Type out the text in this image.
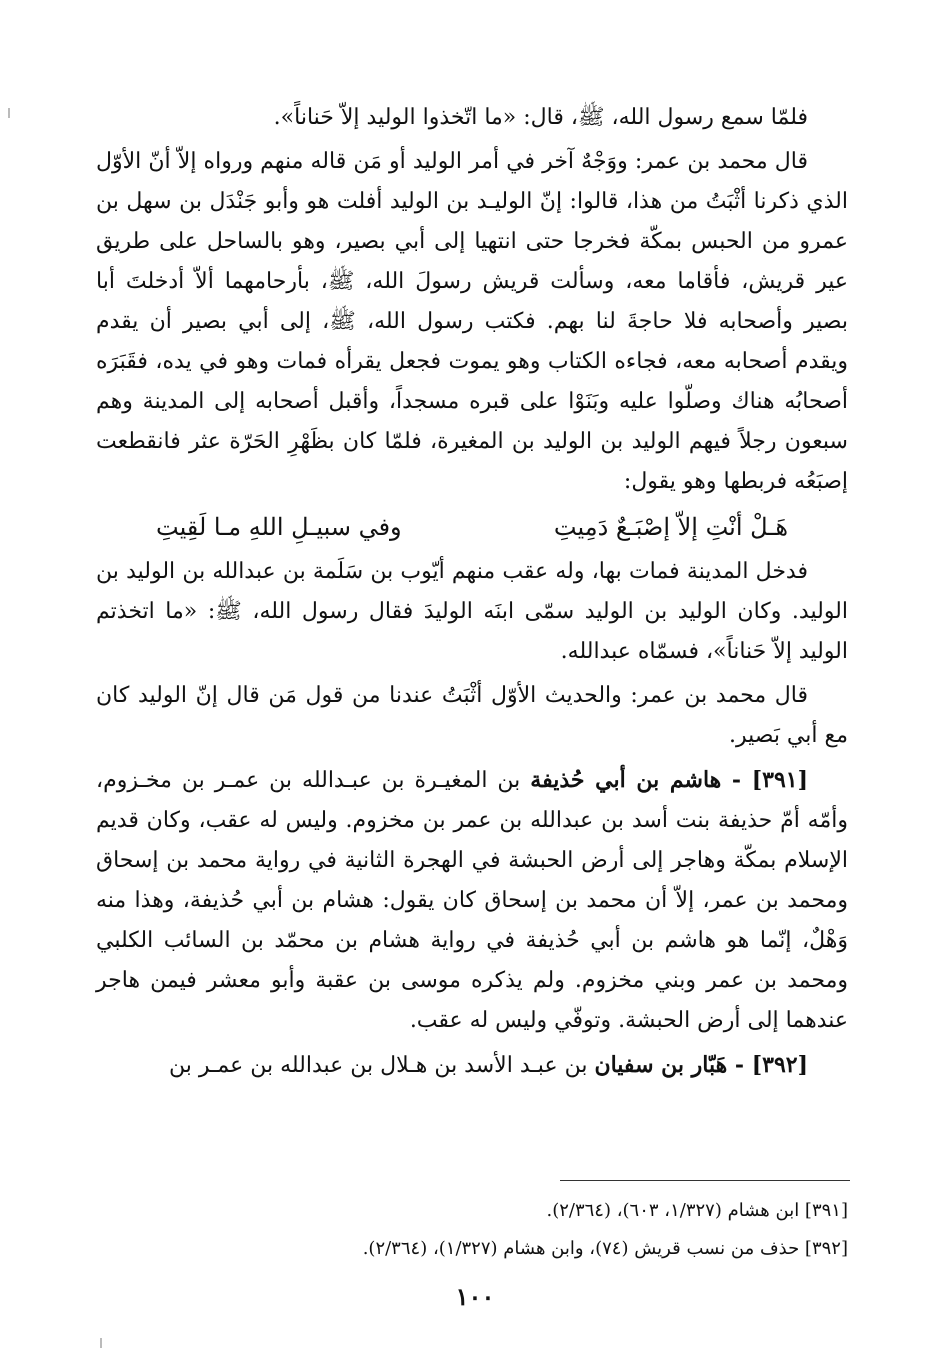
فلمّا سمع رسول الله، ﷺ، قال: «ما اتّخذوا الوليد إلاّ حَناناً».

قال محمد بن عمر: ووَجْهٌ آخر في أمر الوليد أو مَن قاله منهم ورواه إلاّ أنّ الأوّل الذي ذكرنا أثْبَتُ من هذا، قالوا: إنّ الوليـد بن الوليد أفلت هو وأبو جَنْدَل بن سهل بن عمرو من الحبس بمكّة فخرجا حتى انتهيا إلى أبي بصير، وهو بالساحل على طريق عير قريش، فأقاما معه، وسألت قريش رسولَ الله، ﷺ، بأرحامهما ألاّ أدخلتَ أبا بصير وأصحابه فلا حاجةَ لنا بهم. فكتب رسول الله، ﷺ، إلى أبي بصير أن يقدم ويقدم أصحابه معه، فجاءه الكتاب وهو يموت فجعل يقرأه فمات وهو في يده، فقَبَرَه أصحابُه هناك وصلّوا عليه وبَنَوْا على قبره مسجداً، وأقبل أصحابه إلى المدينة وهم سبعون رجلاً فيهم الوليد بن الوليد بن المغيرة، فلمّا كان بظَهْرِ الحَرّة عثر فانقطعت إصبَعُه فربطها وهو يقول:

هَـلْ أنْتِ إلاّ إصْبَـعٌ دَمِيتِ
وفي سبيـلِ اللهِ مـا لَقِيتِ

فدخل المدينة فمات بها، وله عقب منهم أيّوب بن سَلَمة بن عبدالله بن الوليد بن الوليد. وكان الوليد بن الوليد سمّى ابنَه الوليدَ فقال رسول الله، ﷺ: «ما اتخذتم الوليد إلاّ حَناناً»، فسمّاه عبدالله.

قال محمد بن عمر: والحديث الأوّل أثْبَتُ عندنا من قول مَن قال إنّ الوليد كان مع أبي بَصير.

[٣٩١] - هاشم بن أبي حُذيفة بن المغيـرة بن عبـدالله بن عمـر بن مخـزوم، وأمّه أمّ حذيفة بنت أسد بن عبدالله بن عمر بن مخزوم. وليس له عقب، وكان قديم الإسلام بمكّة وهاجر إلى أرض الحبشة في الهجرة الثانية في رواية محمد بن إسحاق ومحمد بن عمر، إلاّ أن محمد بن إسحاق كان يقول: هشام بن أبي حُذيفة، وهذا منه وَهْلٌ، إنّما هو هاشم بن أبي حُذيفة في رواية هشام بن محمّد بن السائب الكلبي ومحمد بن عمر وبني مخزوم. ولم يذكره موسى بن عقبة وأبو معشر فيمن هاجر عندهما إلى أرض الحبشة. وتوفّي وليس له عقب.

[٣٩٢] - هَبّار بن سفيان بن عبـد الأسد بن هـلال بن عبدالله بن عمـر بن

[٣٩١] ابن هشام (١/٣٢٧، ٦٠٣)، (٢/٣٦٤).

[٣٩٢] حذف من نسب قريش (٧٤)، وابن هشام (١/٣٢٧)، (٢/٣٦٤).

١٠٠
